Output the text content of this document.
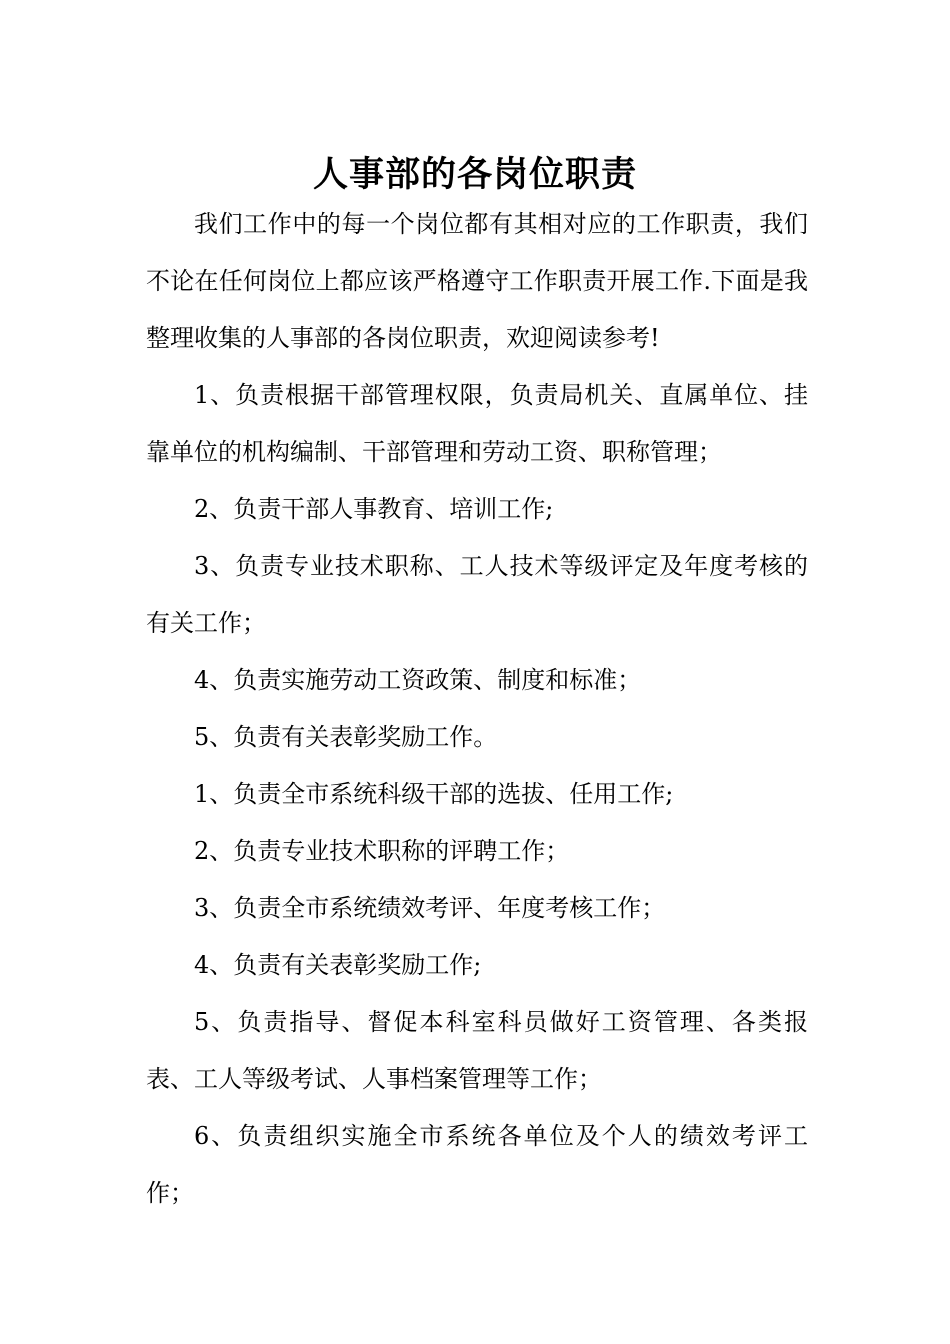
人事部的各岗位职责

我们工作中的每一个岗位都有其相对应的工作职责，我们不论在任何岗位上都应该严格遵守工作职责开展工作.下面是我整理收集的人事部的各岗位职责，欢迎阅读参考!

1、负责根据干部管理权限，负责局机关、直属单位、挂靠单位的机构编制、干部管理和劳动工资、职称管理；

2、负责干部人事教育、培训工作;

3、负责专业技术职称、工人技术等级评定及年度考核的有关工作；

4、负责实施劳动工资政策、制度和标准；

5、负责有关表彰奖励工作。

1、负责全市系统科级干部的选拔、任用工作;

2、负责专业技术职称的评聘工作；

3、负责全市系统绩效考评、年度考核工作；

4、负责有关表彰奖励工作;

5、负责指导、督促本科室科员做好工资管理、各类报表、工人等级考试、人事档案管理等工作；

6、负责组织实施全市系统各单位及个人的绩效考评工作；
